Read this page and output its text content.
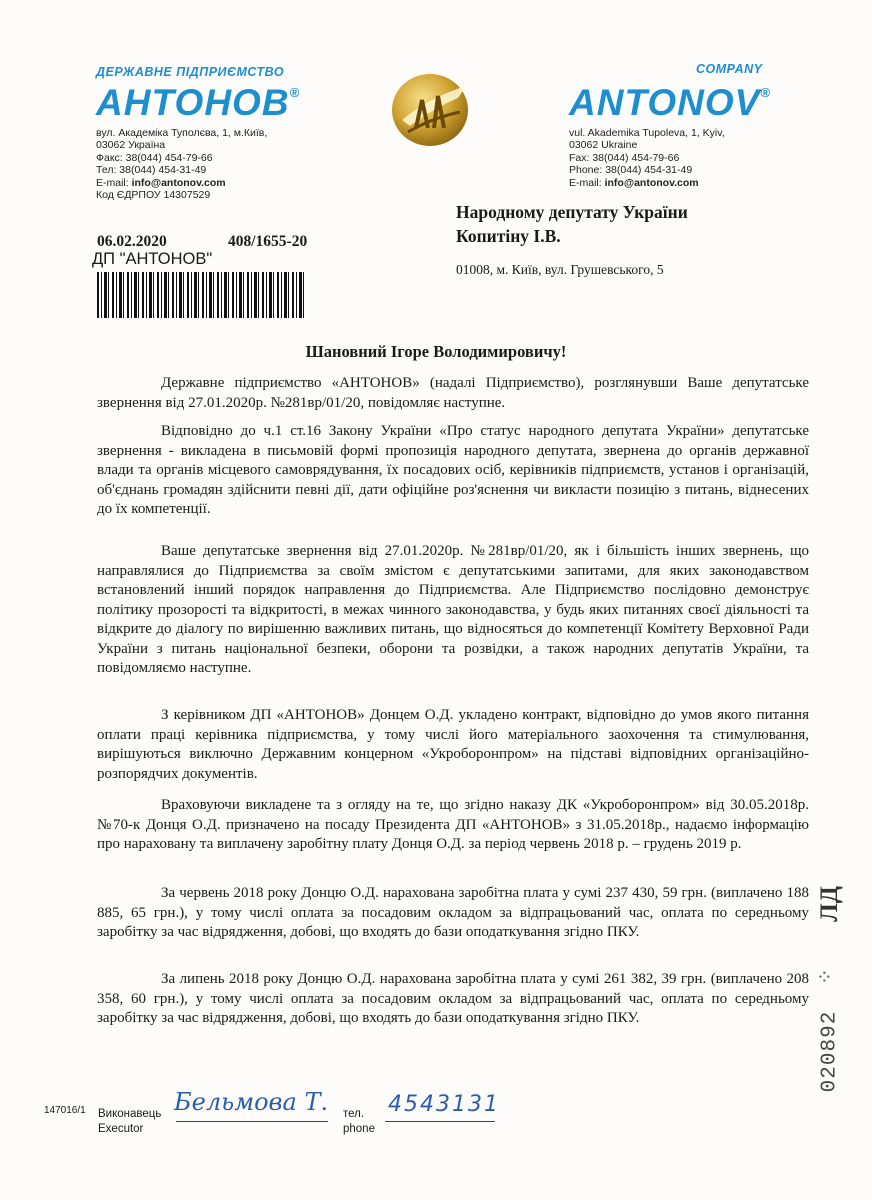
ДЕРЖАВНЕ ПІДПРИЄМСТВО
АНТОНОВ®
вул. Академіка Туполєва, 1, м.Київ,
03062 Україна
Факс: 38(044) 454-79-66
Тел: 38(044) 454-31-49
E-mail: info@antonov.com
Код ЄДРПОУ 14307529
COMPANY
ANTONOV®
vul. Akademika Tupoleva, 1, Kyiv,
03062 Ukraine
Fax: 38(044) 454-79-66
Phone: 38(044) 454-31-49
E-mail: info@antonov.com
Народному депутату України
Копитіну І.В.
01008, м. Київ, вул. Грушевського, 5
06.02.2020	408/1655-20
ДП "АНТОНОВ"
Шановний Ігоре Володимировичу!
Державне підприємство «АНТОНОВ» (надалі Підприємство), розглянувши Ваше депутатське звернення від 27.01.2020р. №281вр/01/20, повідомляє наступне.
Відповідно до ч.1 ст.16 Закону України «Про статус народного депутата України» депутатське звернення - викладена в письмовій формі пропозиція народного депутата, звернена до органів державної влади та органів місцевого самоврядування, їх посадових осіб, керівників підприємств, установ і організацій, об'єднань громадян здійснити певні дії, дати офіційне роз'яснення чи викласти позицію з питань, віднесених до їх компетенції.
Ваше депутатське звернення від 27.01.2020р. №281вр/01/20, як і більшість інших звернень, що направлялися до Підприємства за своїм змістом є депутатськими запитами, для яких законодавством встановлений інший порядок направлення до Підприємства. Але Підприємство послідовно демонструє політику прозорості та відкритості, в межах чинного законодавства, у будь яких питаннях своєї діяльності та відкрите до діалогу по вирішенню важливих питань, що відносяться до компетенції Комітету Верховної Ради України з питань національної безпеки, оборони та розвідки, а також народних депутатів України, та повідомляємо наступне.
З керівником ДП «АНТОНОВ» Донцем О.Д. укладено контракт, відповідно до умов якого питання оплати праці керівника підприємства, у тому числі його матеріального заохочення та стимулювання, вирішуються виключно Державним концерном «Укроборонпром» на підставі відповідних організаційно-розпорядчих документів.
Враховуючи викладене та з огляду на те, що згідно наказу ДК «Укроборонпром» від 30.05.2018р. №70-к Донця О.Д. призначено на посаду Президента ДП «АНТОНОВ» з 31.05.2018р., надаємо інформацію про нараховану та виплачену заробітну плату Донця О.Д. за період червень 2018 р. – грудень 2019 р.
За червень 2018 року Донцю О.Д. нарахована заробітна плата у сумі 237 430, 59 грн. (виплачено 188 885, 65 грн.), у тому числі оплата за посадовим окладом за відпрацьований час, оплата по середньому заробітку за час відрядження, добові, що входять до бази оподаткування згідно ПКУ.
За липень 2018 року Донцю О.Д. нарахована заробітна плата у сумі 261 382, 39 грн. (виплачено 208 358, 60 грн.), у тому числі оплата за посадовим окладом за відпрацьований час, оплата по середньому заробітку за час відрядження, добові, що входять до бази оподаткування згідно ПКУ.
ЛД
⁘
020892
147016/1 Виконавець
Executor
Бельмова Т. тел.
phone
4543131
